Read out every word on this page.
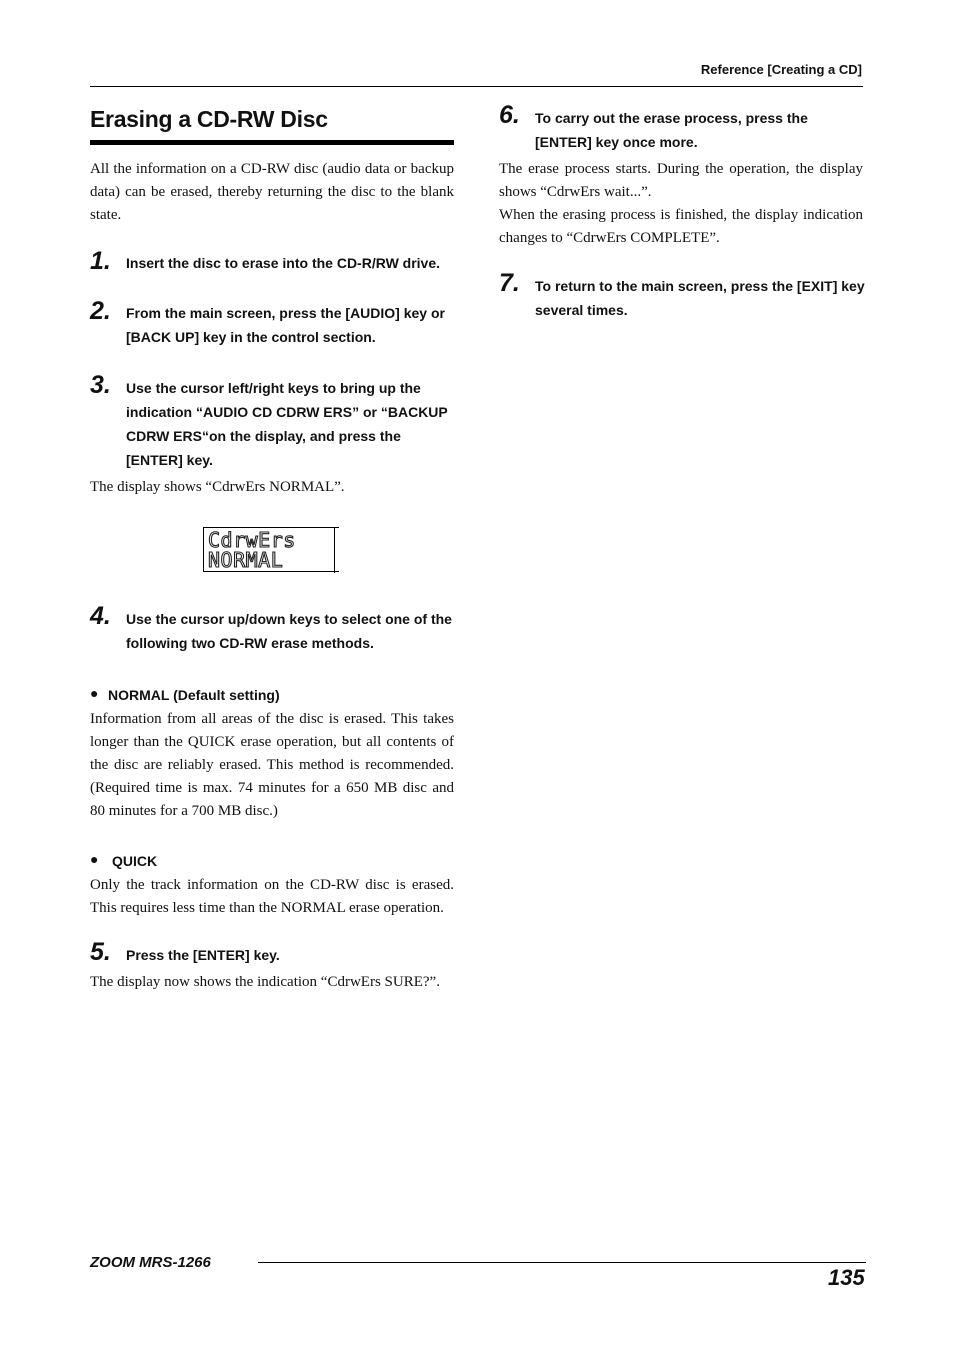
Reference [Creating a CD]
Erasing a CD-RW Disc
All the information on a CD-RW disc (audio data or backup data) can be erased, thereby returning the disc to the blank state.
1. Insert the disc to erase into the CD-R/RW drive.
2. From the main screen, press the [AUDIO] key or [BACK UP] key in the control section.
3. Use the cursor left/right keys to bring up the indication “AUDIO CD CDRW ERS” or “BACKUP CDRW ERS“on the display, and press the [ENTER] key.
The display shows “CdrwErs NORMAL”.
CdrwErs
NORMAL
4. Use the cursor up/down keys to select one of the following two CD-RW erase methods.
● NORMAL (Default setting)
Information from all areas of the disc is erased. This takes longer than the QUICK erase operation, but all contents of the disc are reliably erased. This method is recommended. (Required time is max. 74 minutes for a 650 MB disc and 80 minutes for a 700 MB disc.)
● QUICK
Only the track information on the CD-RW disc is erased. This requires less time than the NORMAL erase operation.
5. Press the [ENTER] key.
The display now shows the indication “CdrwErs SURE?”.
6. To carry out the erase process, press the [ENTER] key once more.
The erase process starts. During the operation, the display shows “CdrwErs wait...”.
When the erasing process is finished, the display indication changes to “CdrwErs COMPLETE”.
7. To return to the main screen, press the [EXIT] key several times.
ZOOM MRS-1266
135
